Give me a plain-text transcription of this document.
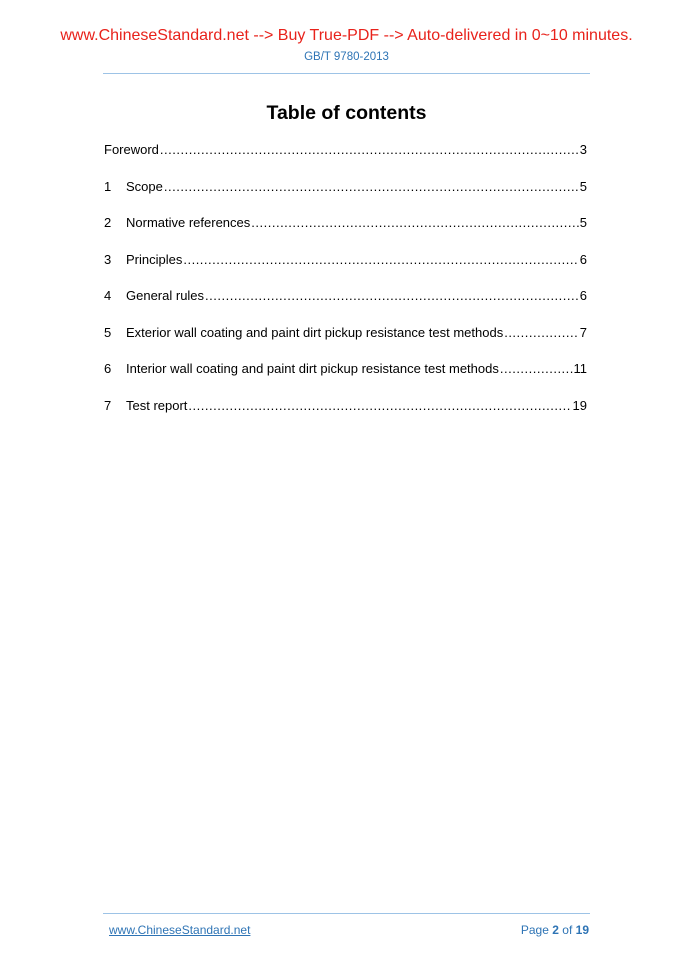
www.ChineseStandard.net --> Buy True-PDF --> Auto-delivered in 0~10 minutes.
GB/T 9780-2013
Table of contents
Foreword .....	3
1	Scope .....	5
2	Normative references .....	5
3	Principles .....	6
4	General rules .....	6
5	Exterior wall coating and paint dirt pickup resistance test methods .....	7
6	Interior wall coating and paint dirt pickup resistance test methods .....	11
7	Test report .....	19
www.ChineseStandard.net	Page 2 of 19
